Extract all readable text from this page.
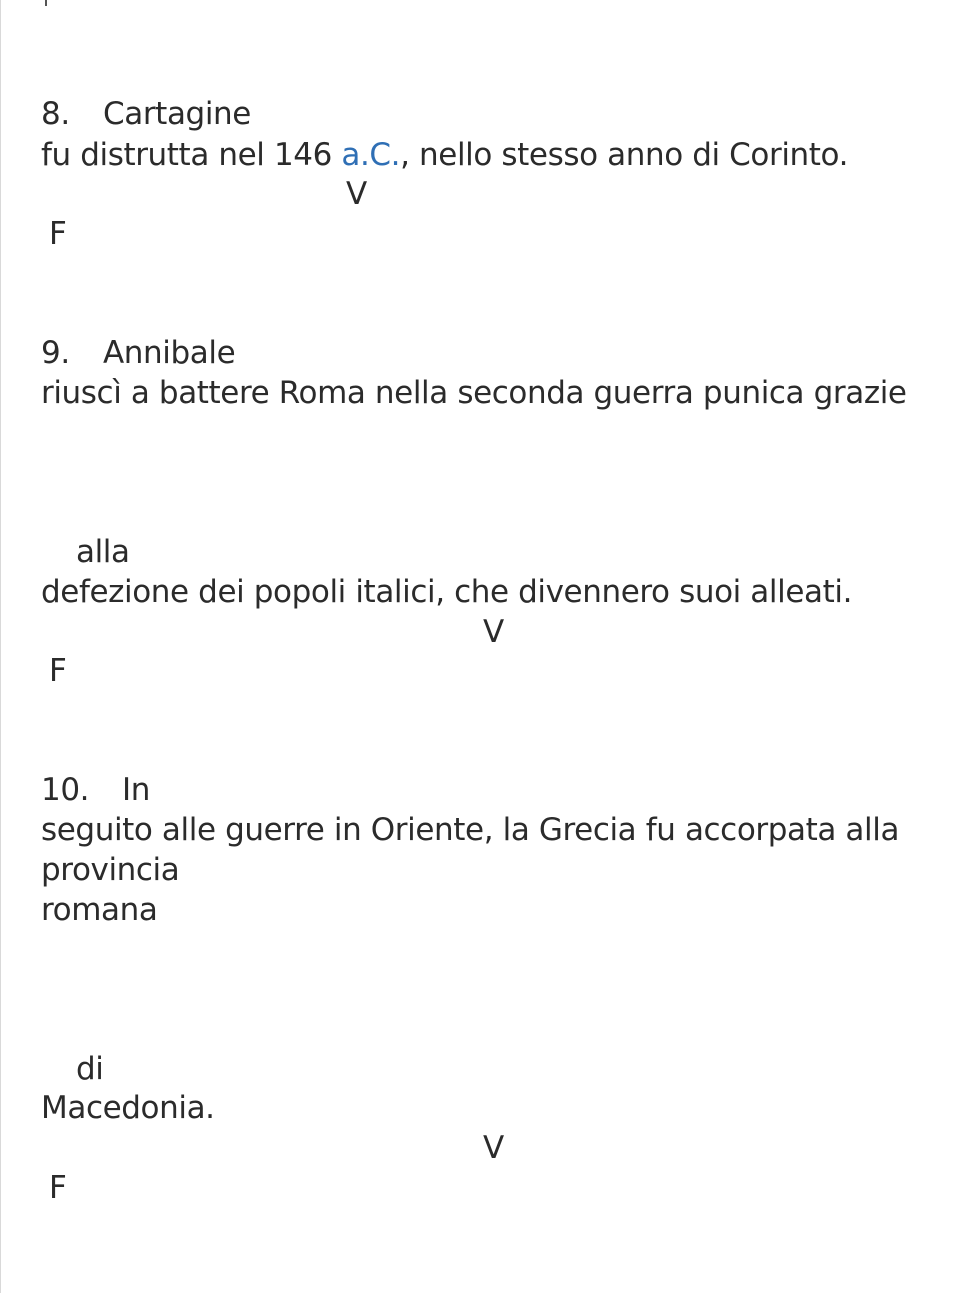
8. Cartagine
fu distrutta nel 146 a.C., nello stesso anno di Corinto.
V
F
9. Annibale
riuscì a battere Roma nella seconda guerra punica grazie
alla
defezione dei popoli italici, che divennero suoi alleati.
V
F
10. In
seguito alle guerre in Oriente, la Grecia fu accorpata alla
provincia
romana
di
Macedonia.
V
F
